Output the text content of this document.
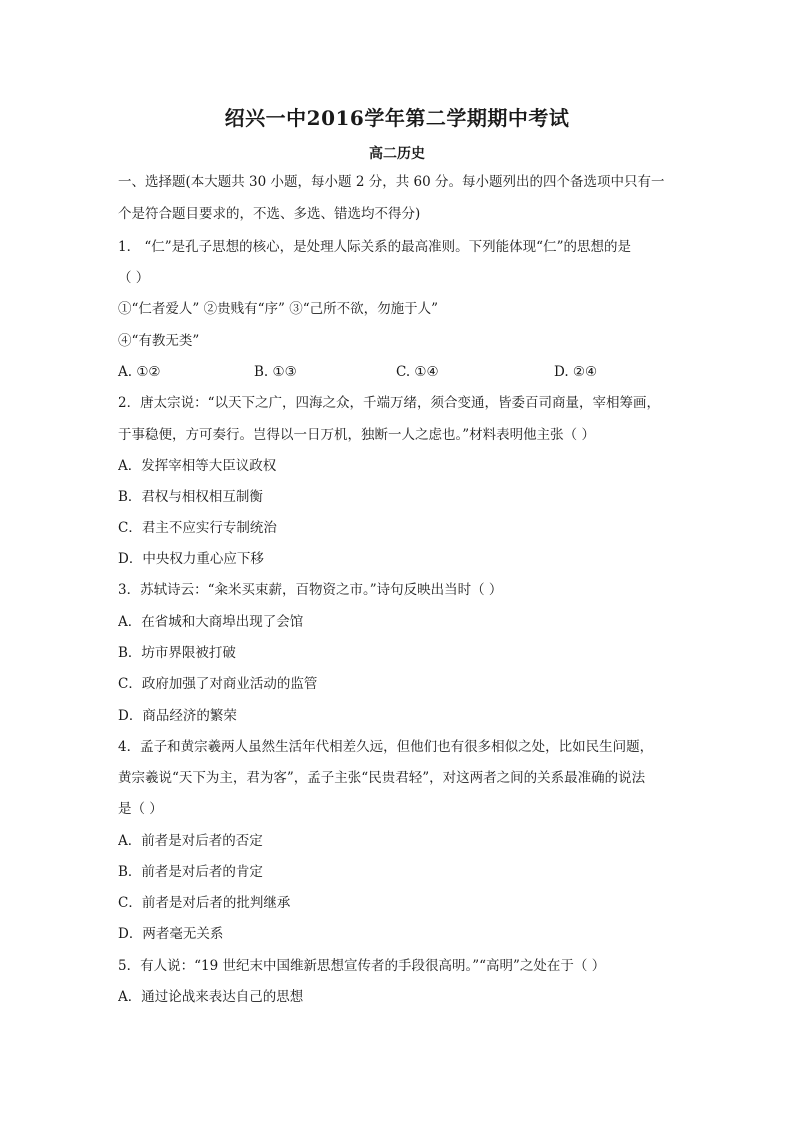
绍兴一中2016学年第二学期期中考试
高二历史
一、选择题(本大题共 30 小题，每小题 2 分，共 60 分。每小题列出的四个备选项中只有一
个是符合题目要求的，不选、多选、错选均不得分)
1． “仁”是孔子思想的核心，是处理人际关系的最高准则。下列能体现“仁”的思想的是
（ ）
①“仁者爱人” ②贵贱有“序” ③“己所不欲，勿施于人”
④“有教无类”
A. ①②	B. ①③	C. ①④	D. ②④
2．唐太宗说：“以天下之广，四海之众，千端万绪，须合变通，皆委百司商量，宰相筹画，
于事稳便，方可奏行。岂得以一日万机，独断一人之虑也。”材料表明他主张（ ）
A．发挥宰相等大臣议政权
B．君权与相权相互制衡
C．君主不应实行专制统治
D．中央权力重心应下移
3．苏轼诗云：“籴米买束薪，百物资之市。”诗句反映出当时（ ）
A．在省城和大商埠出现了会馆
B．坊市界限被打破
C．政府加强了对商业活动的监管
D．商品经济的繁荣
4．孟子和黄宗羲两人虽然生活年代相差久远，但他们也有很多相似之处，比如民生问题，
黄宗羲说“天下为主，君为客”，孟子主张“民贵君轻”，对这两者之间的关系最准确的说法
是（ ）
A．前者是对后者的否定
B．前者是对后者的肯定
C．前者是对后者的批判继承
D．两者毫无关系
5．有人说：“19 世纪末中国维新思想宣传者的手段很高明。”“高明”之处在于（ ）
A．通过论战来表达自己的思想
